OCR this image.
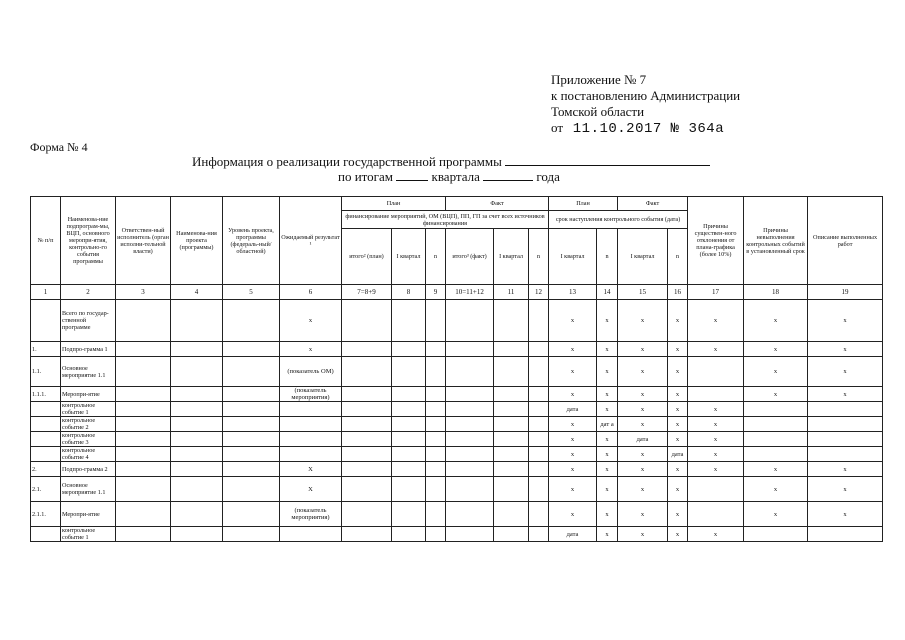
Приложение № 7
к постановлению Администрации
Томской области
от 11.10.2017 № 364а
Форма № 4
Информация о реализации государственной программы
по итогам	квартала	года
№ п/п	Наименова-ние подпрограм-мы, ВЦП, основного меропри-ятия, контрольно-го события программы	Ответствен-ный исполнитель (орган исполни-тельной власти)	Наименова-ния проекта (программы)	Уровень проекта, программы (федераль-ный/ областной)	Ожидаемый результат ¹	План			Факт			План		Факт		Причины существен-ного отклонения от плана-графика (более 10%)	Причины невыполнения контрольных событий в установленный срок	Описание выполненных работ
						финансирование мероприятий, ОМ (ВЦП), ПП, ГП за счет всех источников финансирования						срок наступления контрольного события (дата)						
						итого² (план)	I квартал	n	итого³ (факт)	I квартал	n	I квартал	n	I квартал	n			

1	2	3	4	5	6	7=8+9	8	9	10=11+12	11	12	13	14	15	16	17	18	19
	Всего по государ-ственной программе				х							х	х	х	х	х	х	х
1.	Подпро-грамма 1				х							х	х	х	х	х	х	х
1.1.	Основное мероприятие 1.1				(показатель ОМ)							х	х	х	х		х	х
1.1.1.	Меропри-ятие				(показатель мероприятия)							х	х	х	х		х	х
	контрольное событие 1											дата	х	х	х	х		
	контрольное событие 2											х	дат а	х	х	х		
	контрольное событие 3											х	х	дата	х	х		
	контрольное событие 4											х	х	х	дата	х		
2.	Подпро-грамма 2				Х							х	х	х	х	х	х	х
2.1.	Основное мероприятие 1.1				Х							х	х	х	х		х	х
2.1.1.	Меропри-ятие				(показатель мероприятия)							х	х	х	х		х	х
	контрольное событие 1											дата	х	х	х	х		
